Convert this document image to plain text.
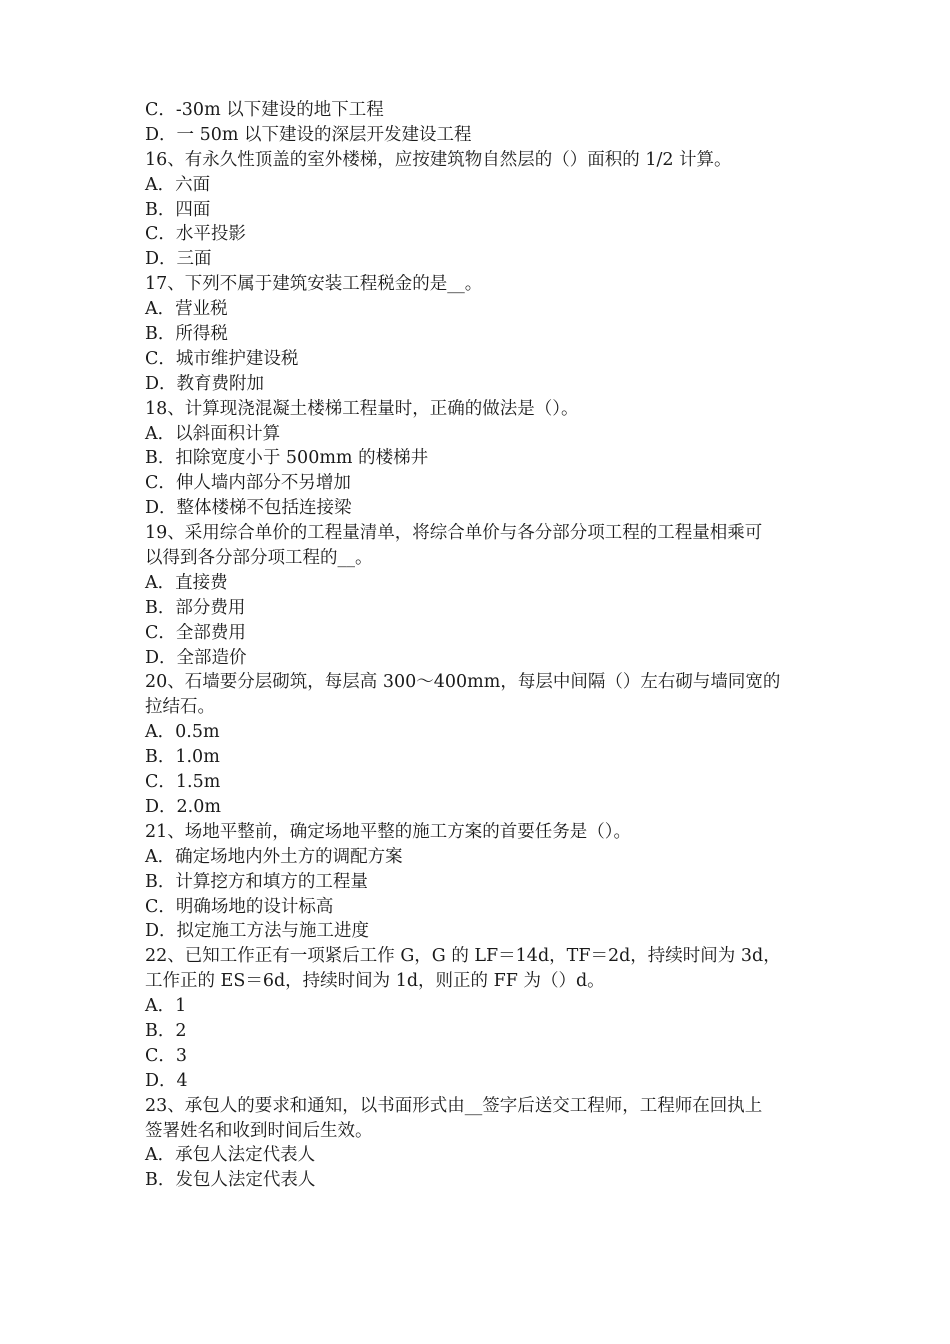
C．-30m 以下建设的地下工程
D．一 50m 以下建设的深层开发建设工程
16、有永久性顶盖的室外楼梯，应按建筑物自然层的（）面积的 1/2 计算。
A．六面
B．四面
C．水平投影
D．三面
17、下列不属于建筑安装工程税金的是__。
A．营业税
B．所得税
C．城市维护建设税
D．教育费附加
18、计算现浇混凝土楼梯工程量时，正确的做法是（）。
A．以斜面积计算
B．扣除宽度小于 500mm 的楼梯井
C．伸人墙内部分不另增加
D．整体楼梯不包括连接梁
19、采用综合单价的工程量清单，将综合单价与各分部分项工程的工程量相乘可
以得到各分部分项工程的__。
A．直接费
B．部分费用
C．全部费用
D．全部造价
20、石墙要分层砌筑，每层高 300～400mm，每层中间隔（）左右砌与墙同宽的
拉结石。
A．0.5m
B．1.0m
C．1.5m
D．2.0m
21、场地平整前，确定场地平整的施工方案的首要任务是（）。
A．确定场地内外土方的调配方案
B．计算挖方和填方的工程量
C．明确场地的设计标高
D．拟定施工方法与施工进度
22、已知工作正有一项紧后工作 G，G 的 LF＝14d，TF＝2d，持续时间为 3d，
工作正的 ES＝6d，持续时间为 1d，则正的 FF 为（）d。
A．1
B．2
C．3
D．4
23、承包人的要求和通知，以书面形式由__签字后送交工程师，工程师在回执上
签署姓名和收到时间后生效。
A．承包人法定代表人
B．发包人法定代表人
